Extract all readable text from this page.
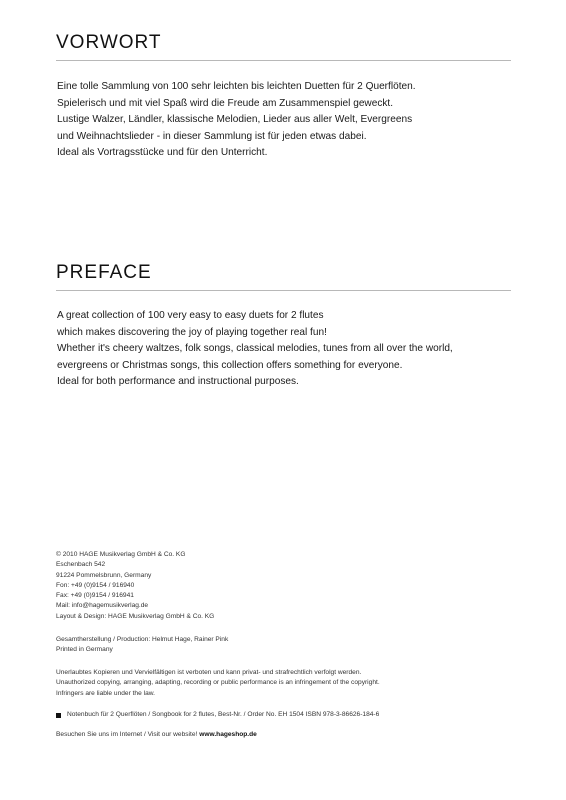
VORWORT
Eine tolle Sammlung von 100 sehr leichten bis leichten Duetten für 2 Querflöten.
Spielerisch und mit viel Spaß wird die Freude am Zusammenspiel geweckt.
Lustige Walzer, Ländler, klassische Melodien, Lieder aus aller Welt, Evergreens
und Weihnachtslieder - in dieser Sammlung ist für jeden etwas dabei.
Ideal als Vortragsstücke und für den Unterricht.
PREFACE
A great collection of 100 very easy to easy duets for 2 flutes
which makes discovering the joy of playing together real fun!
Whether it's cheery waltzes, folk songs, classical melodies, tunes from all over the world,
evergreens or Christmas songs, this collection offers something for everyone.
Ideal for both performance and instructional purposes.
© 2010 HAGE Musikverlag GmbH & Co. KG
Eschenbach 542
91224 Pommelsbrunn, Germany
Fon: +49 (0)9154 / 916940
Fax: +49 (0)9154 / 916941
Mail: info@hagemusikverlag.de
Layout & Design: HAGE Musikverlag GmbH & Co. KG
Gesamtherstellung / Production: Helmut Hage, Rainer Pink
Printed in Germany
Unerlaubtes Kopieren und Vervielfältigen ist verboten und kann privat- und strafrechtlich verfolgt werden.
Unauthorized copying, arranging, adapting, recording or public performance is an infringement of the copyright.
Infringers are liable under the law.
Notenbuch für 2 Querflöten / Songbook for 2 flutes, Best-Nr. / Order No. EH 1504 ISBN 978-3-86626-184-6
Besuchen Sie uns im Internet / Visit our website! www.hageshop.de
